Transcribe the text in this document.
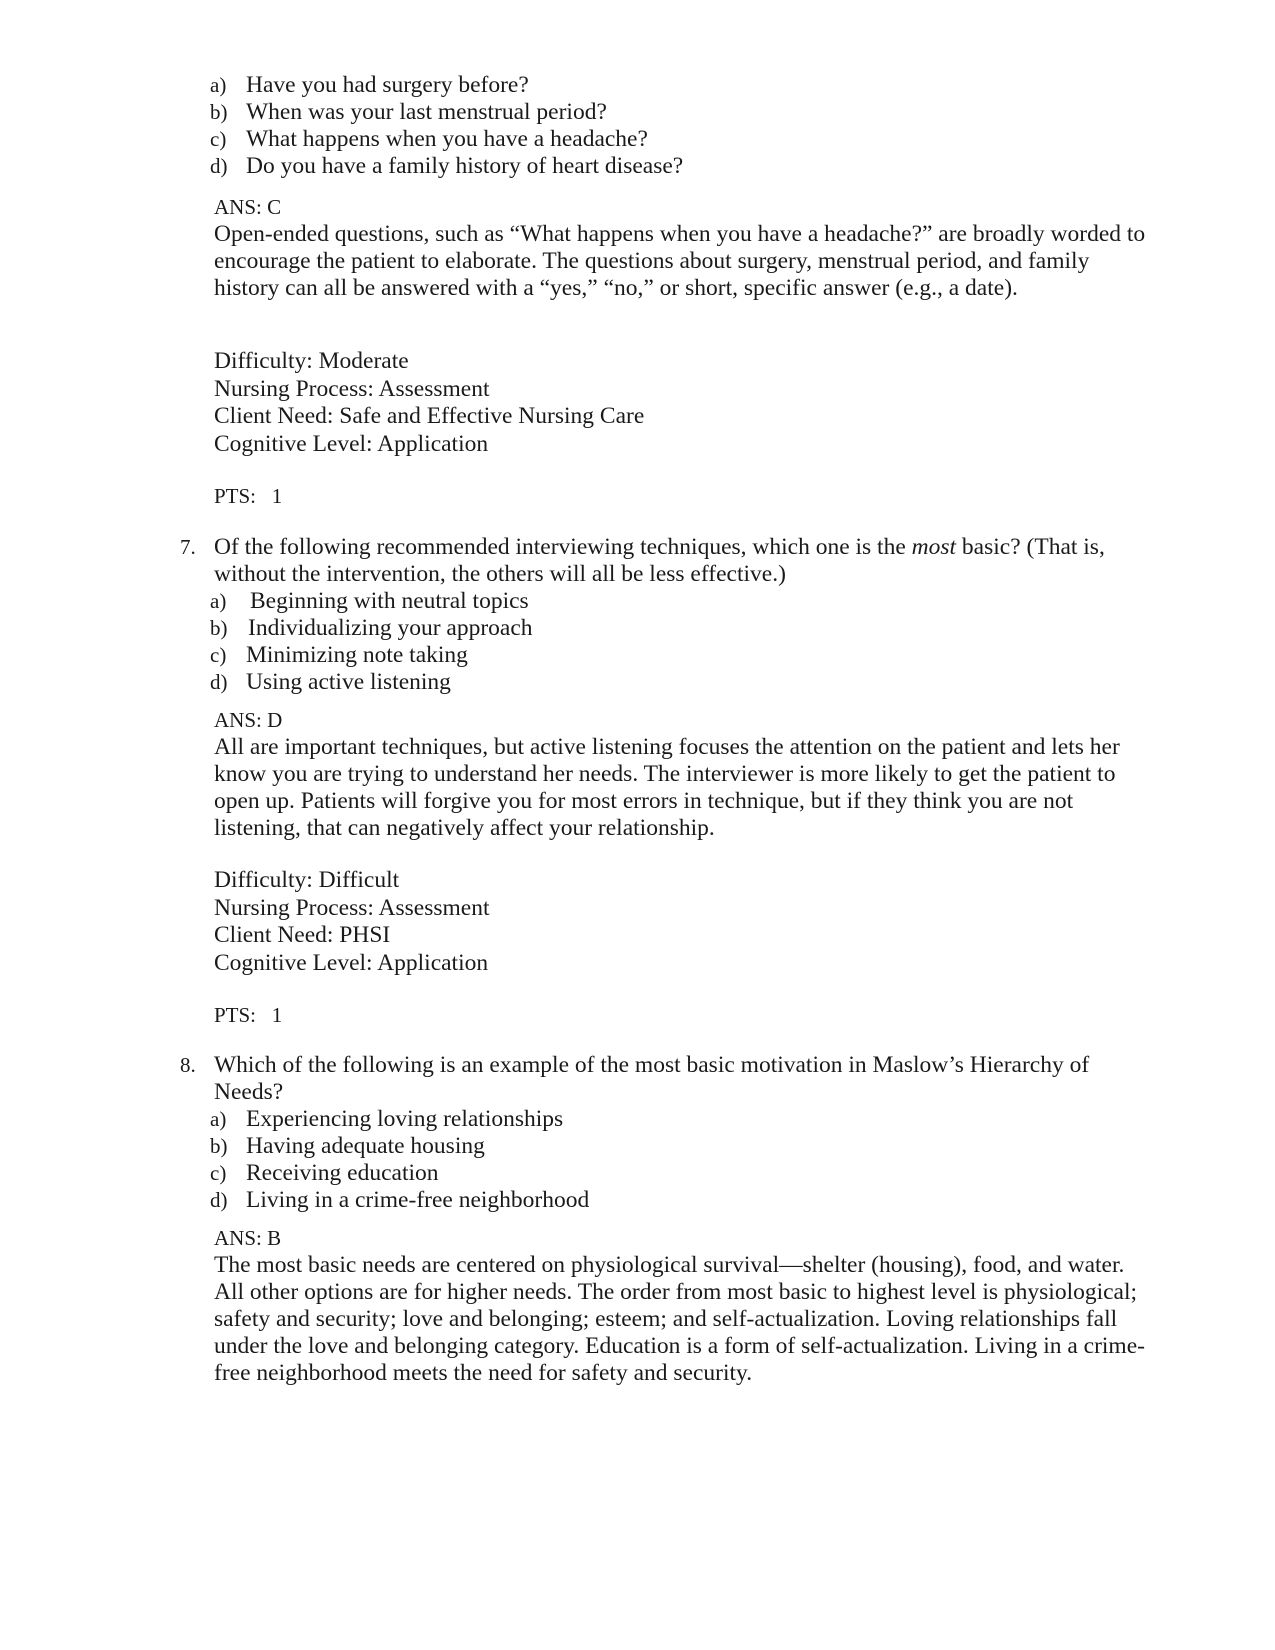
a) Have you had surgery before?
b) When was your last menstrual period?
c) What happens when you have a headache?
d) Do you have a family history of heart disease?
ANS: C
Open-ended questions, such as “What happens when you have a headache?” are broadly worded to encourage the patient to elaborate. The questions about surgery, menstrual period, and family history can all be answered with a “yes,” “no,” or short, specific answer (e.g., a date).
Difficulty: Moderate
Nursing Process: Assessment
Client Need: Safe and Effective Nursing Care
Cognitive Level: Application
PTS:   1
7. Of the following recommended interviewing techniques, which one is the most basic? (That is, without the intervention, the others will all be less effective.)
a) Beginning with neutral topics
b) Individualizing your approach
c) Minimizing note taking
d) Using active listening
ANS: D
All are important techniques, but active listening focuses the attention on the patient and lets her know you are trying to understand her needs. The interviewer is more likely to get the patient to open up. Patients will forgive you for most errors in technique, but if they think you are not listening, that can negatively affect your relationship.
Difficulty: Difficult
Nursing Process: Assessment
Client Need: PHSI
Cognitive Level: Application
PTS:   1
8. Which of the following is an example of the most basic motivation in Maslow’s Hierarchy of Needs?
a) Experiencing loving relationships
b) Having adequate housing
c) Receiving education
d) Living in a crime-free neighborhood
ANS: B
The most basic needs are centered on physiological survival—shelter (housing), food, and water. All other options are for higher needs. The order from most basic to highest level is physiological; safety and security; love and belonging; esteem; and self-actualization. Loving relationships fall under the love and belonging category. Education is a form of self-actualization. Living in a crime-free neighborhood meets the need for safety and security.
